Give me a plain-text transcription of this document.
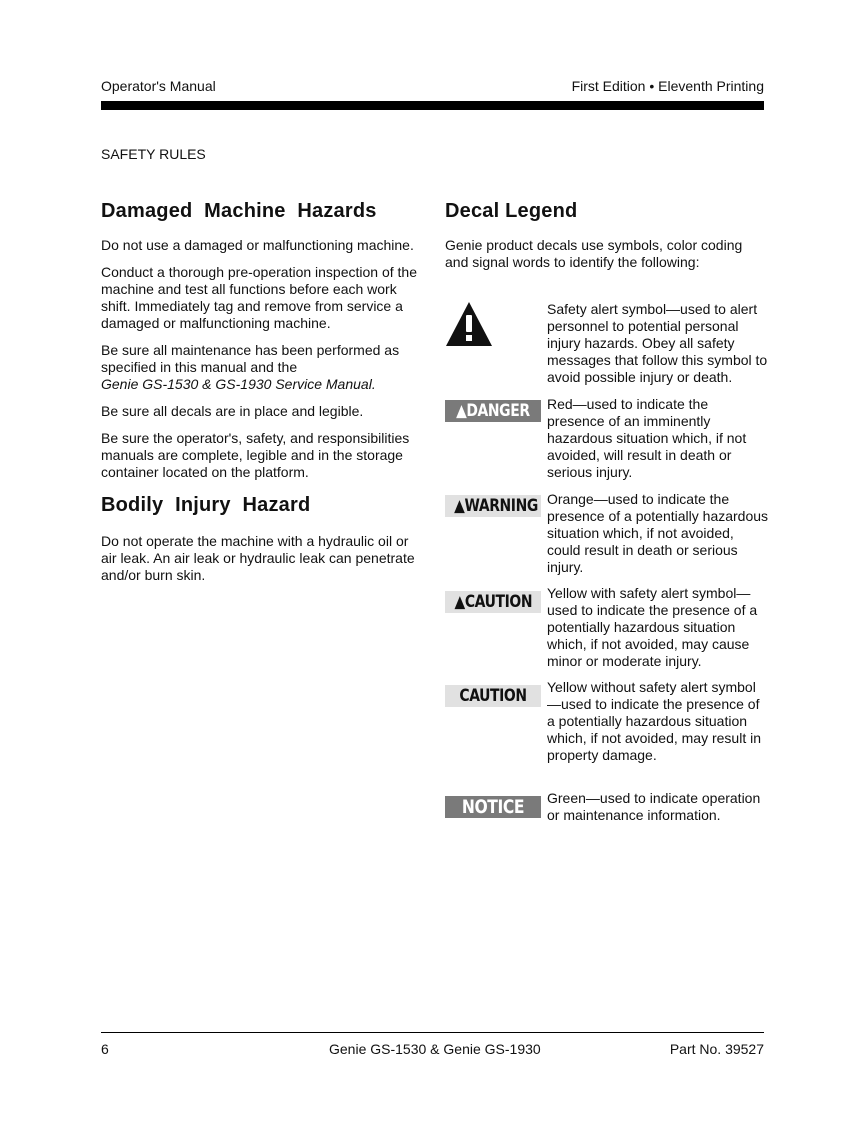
Operator's Manual	First Edition • Eleventh Printing
SAFETY RULES
Damaged Machine Hazards

Do not use a damaged or malfunctioning machine.

Conduct a thorough pre-operation inspection of the machine and test all functions before each work shift. Immediately tag and remove from service a damaged or malfunctioning machine.

Be sure all maintenance has been performed as specified in this manual and the
Genie GS-1530 & GS-1930 Service Manual.

Be sure all decals are in place and legible.

Be sure the operator's, safety, and responsibilities manuals are complete, legible and in the storage container located on the platform.

Bodily Injury Hazard

Do not operate the machine with a hydraulic oil or air leak. An air leak or hydraulic leak can penetrate and/or burn skin.

Decal Legend

Genie product decals use symbols, color coding and signal words to identify the following:

Safety alert symbol—used to alert personnel to potential personal injury hazards. Obey all safety messages that follow this symbol to avoid possible injury or death.
▲DANGER	Red—used to indicate the presence of an imminently hazardous situation which, if not avoided, will result in death or serious injury.
▲WARNING Orange—used to indicate the presence of a potentially hazardous situation which, if not avoided, could result in death or serious injury.
▲CAUTION	Yellow with safety alert symbol—used to indicate the presence of a potentially hazardous situation which, if not avoided, may cause minor or moderate injury.
CAUTION	Yellow without safety alert symbol—used to indicate the presence of a potentially hazardous situation which, if not avoided, may result in property damage.
NOTICE	Green—used to indicate operation or maintenance information.
6	Genie GS-1530 & Genie GS-1930	Part No. 39527
